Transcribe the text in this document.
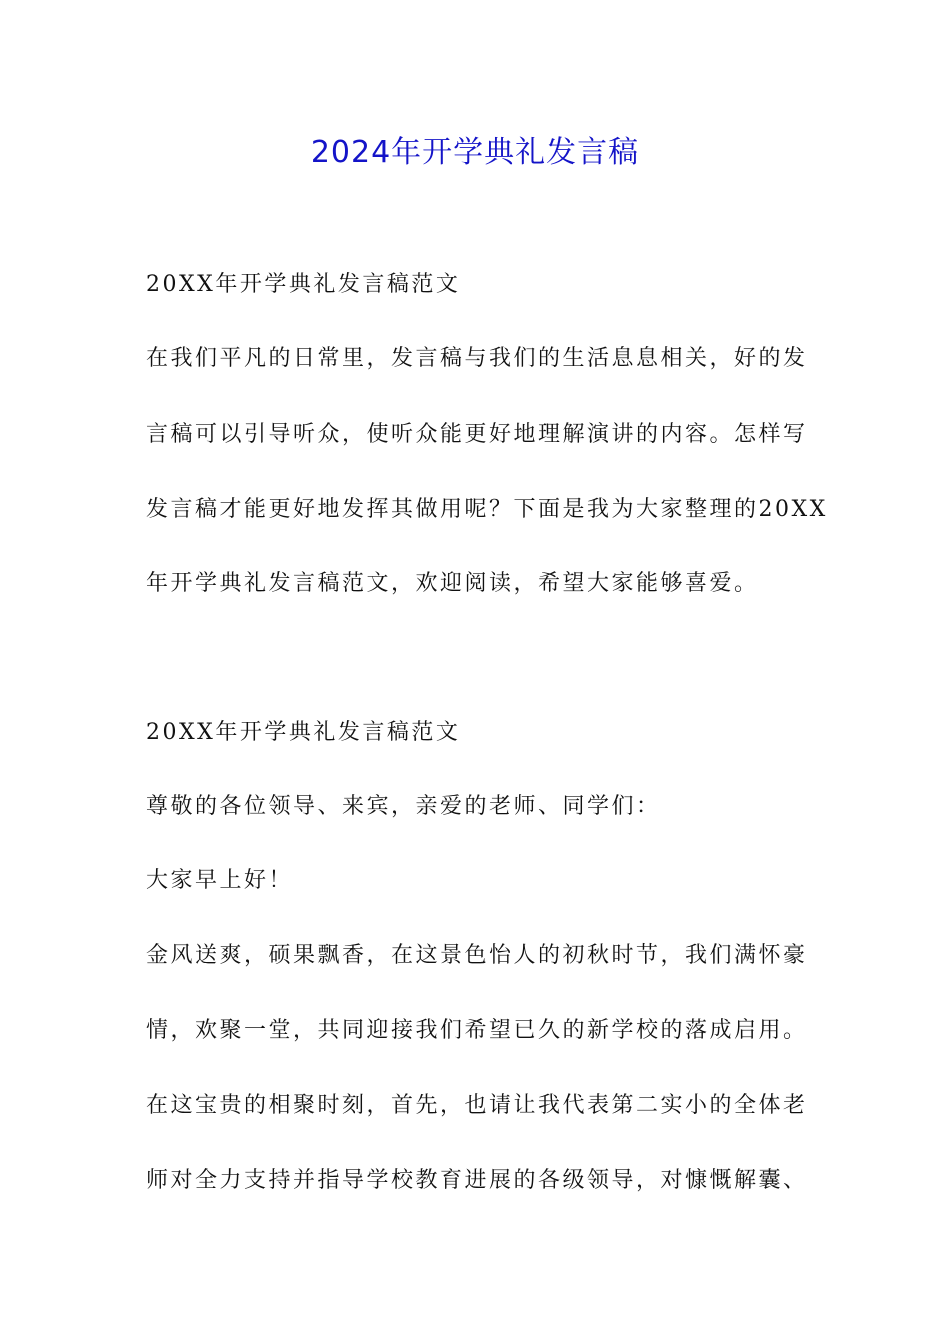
2024年开学典礼发言稿
20XX年开学典礼发言稿范文
在我们平凡的日常里，发言稿与我们的生活息息相关，好的发
言稿可以引导听众，使听众能更好地理解演讲的内容。怎样写
发言稿才能更好地发挥其做用呢？下面是我为大家整理的20XX
年开学典礼发言稿范文，欢迎阅读，希望大家能够喜爱。
20XX年开学典礼发言稿范文
尊敬的各位领导、来宾，亲爱的老师、同学们：
大家早上好！
金风送爽，硕果飘香，在这景色怡人的初秋时节，我们满怀豪
情，欢聚一堂，共同迎接我们希望已久的新学校的落成启用。
在这宝贵的相聚时刻，首先，也请让我代表第二实小的全体老
师对全力支持并指导学校教育进展的各级领导，对慷慨解囊、
